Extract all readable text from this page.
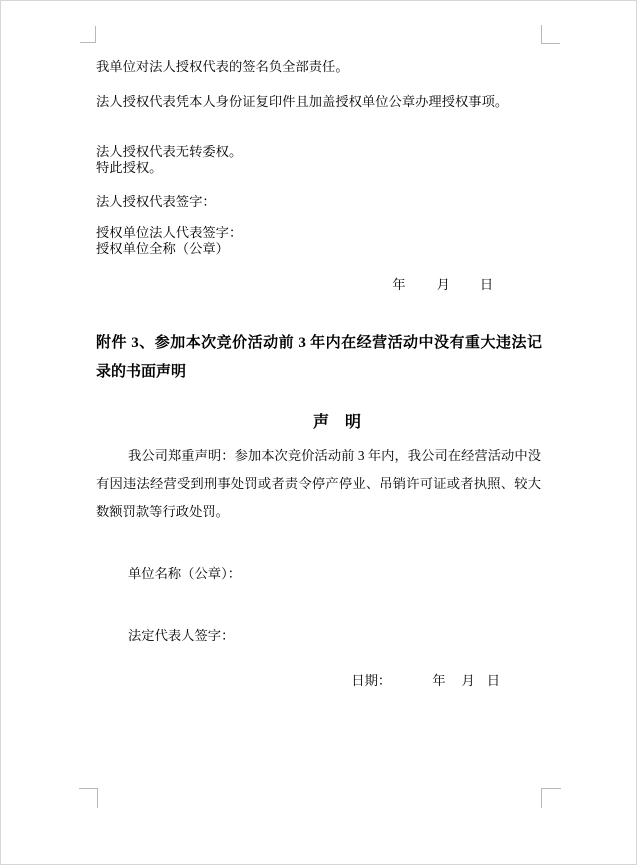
我单位对法人授权代表的签名负全部责任。
法人授权代表凭本人身份证复印件且加盖授权单位公章办理授权事项。
法人授权代表无转委权。
特此授权。
法人授权代表签字：
授权单位法人代表签字：
授权单位全称（公章）

年 月 日

附件 3、参加本次竞价活动前 3 年内在经营活动中没有重大违法记录的书面声明
声　明
我公司郑重声明：参加本次竞价活动前 3 年内，我公司在经营活动中没有因违法经营受到刑事处罚或者责令停产停业、吊销许可证或者执照、较大数额罚款等行政处罚。
单位名称（公章）：
法定代表人签字：

日期：	年 月 日
